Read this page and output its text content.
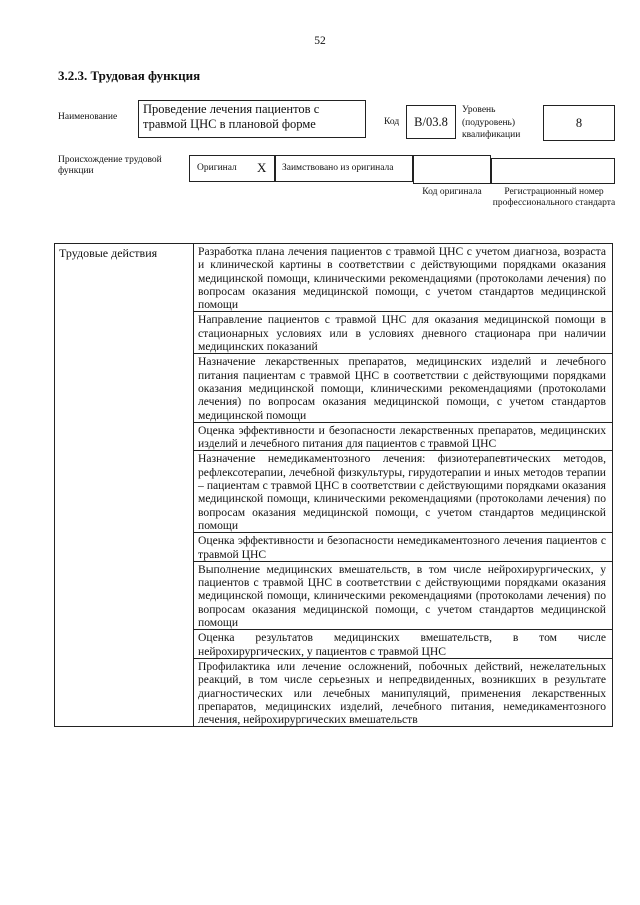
52
3.2.3. Трудовая функция
Наименование
Проведение лечения пациентов с травмой ЦНС в плановой форме	Код	В/03.8
Уровень (подуровень) квалификации
8
Происхождение трудовой функции	Оригинал X	Заимствовано из оригинала
Код оригинала	Регистрационный номер профессионального стандарта
Трудовые действия	Разработка плана лечения пациентов с травмой ЦНС с учетом диагноза, возраста и клинической картины в соответствии с действующими порядками оказания медицинской помощи, клиническими рекомендациями (протоколами лечения) по вопросам оказания медицинской помощи, с учетом стандартов медицинской помощи
Направление пациентов с травмой ЦНС для оказания медицинской помощи в стационарных условиях или в условиях дневного стационара при наличии медицинских показаний
Назначение лекарственных препаратов, медицинских изделий и лечебного питания пациентам с травмой ЦНС в соответствии с действующими порядками оказания медицинской помощи, клиническими рекомендациями (протоколами лечения) по вопросам оказания медицинской помощи, с учетом стандартов медицинской помощи
Оценка эффективности и безопасности лекарственных препаратов, медицинских изделий и лечебного питания для пациентов с травмой ЦНС
Назначение немедикаментозного лечения: физиотерапевтических методов, рефлексотерапии, лечебной физкультуры, гирудотерапии и иных методов терапии – пациентам с травмой ЦНС в соответствии с действующими порядками оказания медицинской помощи, клиническими рекомендациями (протоколами лечения) по вопросам оказания медицинской помощи, с учетом стандартов медицинской помощи
Оценка эффективности и безопасности немедикаментозного лечения пациентов с травмой ЦНС
Выполнение медицинских вмешательств, в том числе нейрохирургических, у пациентов с травмой ЦНС в соответствии с действующими порядками оказания медицинской помощи, клиническими рекомендациями (протоколами лечения) по вопросам оказания медицинской помощи, с учетом стандартов медицинской помощи
Оценка результатов медицинских вмешательств, в том числе нейрохирургических, у пациентов с травмой ЦНС
Профилактика или лечение осложнений, побочных действий, нежелательных реакций, в том числе серьезных и непредвиденных, возникших в результате диагностических или лечебных манипуляций, применения лекарственных препаратов, медицинских изделий, лечебного питания, немедикаментозного лечения, нейрохирургических вмешательств
